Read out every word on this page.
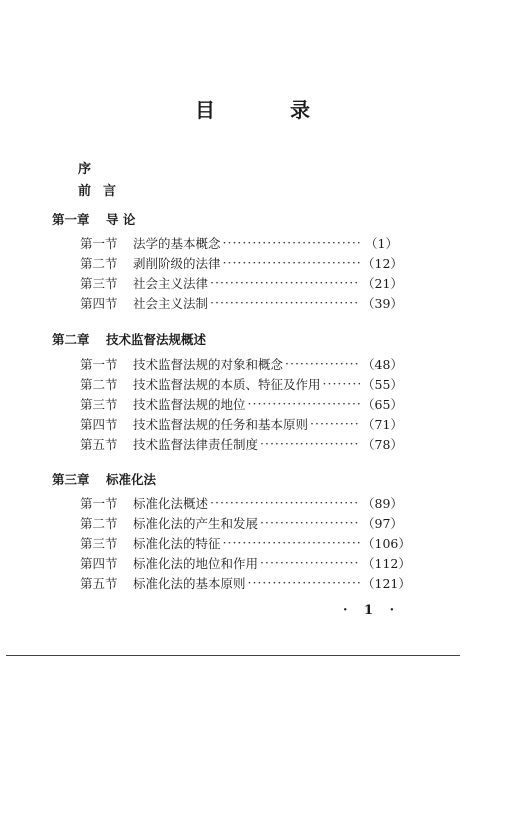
目 录
序
前言
第一章 导 论
第一节	法学的基本概念 ·····	（1）
第二节	剥削阶级的法律 ·····	（12）
第三节	社会主义法律 ·····	（21）
第四节	社会主义法制 ·····	（39）
第二章 技术监督法规概述
第一节	技术监督法规的对象和概念 ·····	（48）
第二节	技术监督法规的本质、特征及作用 ·····	（55）
第三节	技术监督法规的地位 ·····	（65）
第四节	技术监督法规的任务和基本原则 ·····	（71）
第五节	技术监督法律责任制度 ·····	（78）
第三章 标准化法
第一节	标准化法概述 ·····	（89）
第二节	标准化法的产生和发展 ·····	（97）
第三节	标准化法的特征 ·····	（106）
第四节	标准化法的地位和作用 ·····	（112）
第五节	标准化法的基本原则 ·····	（121）
· 1 ·
